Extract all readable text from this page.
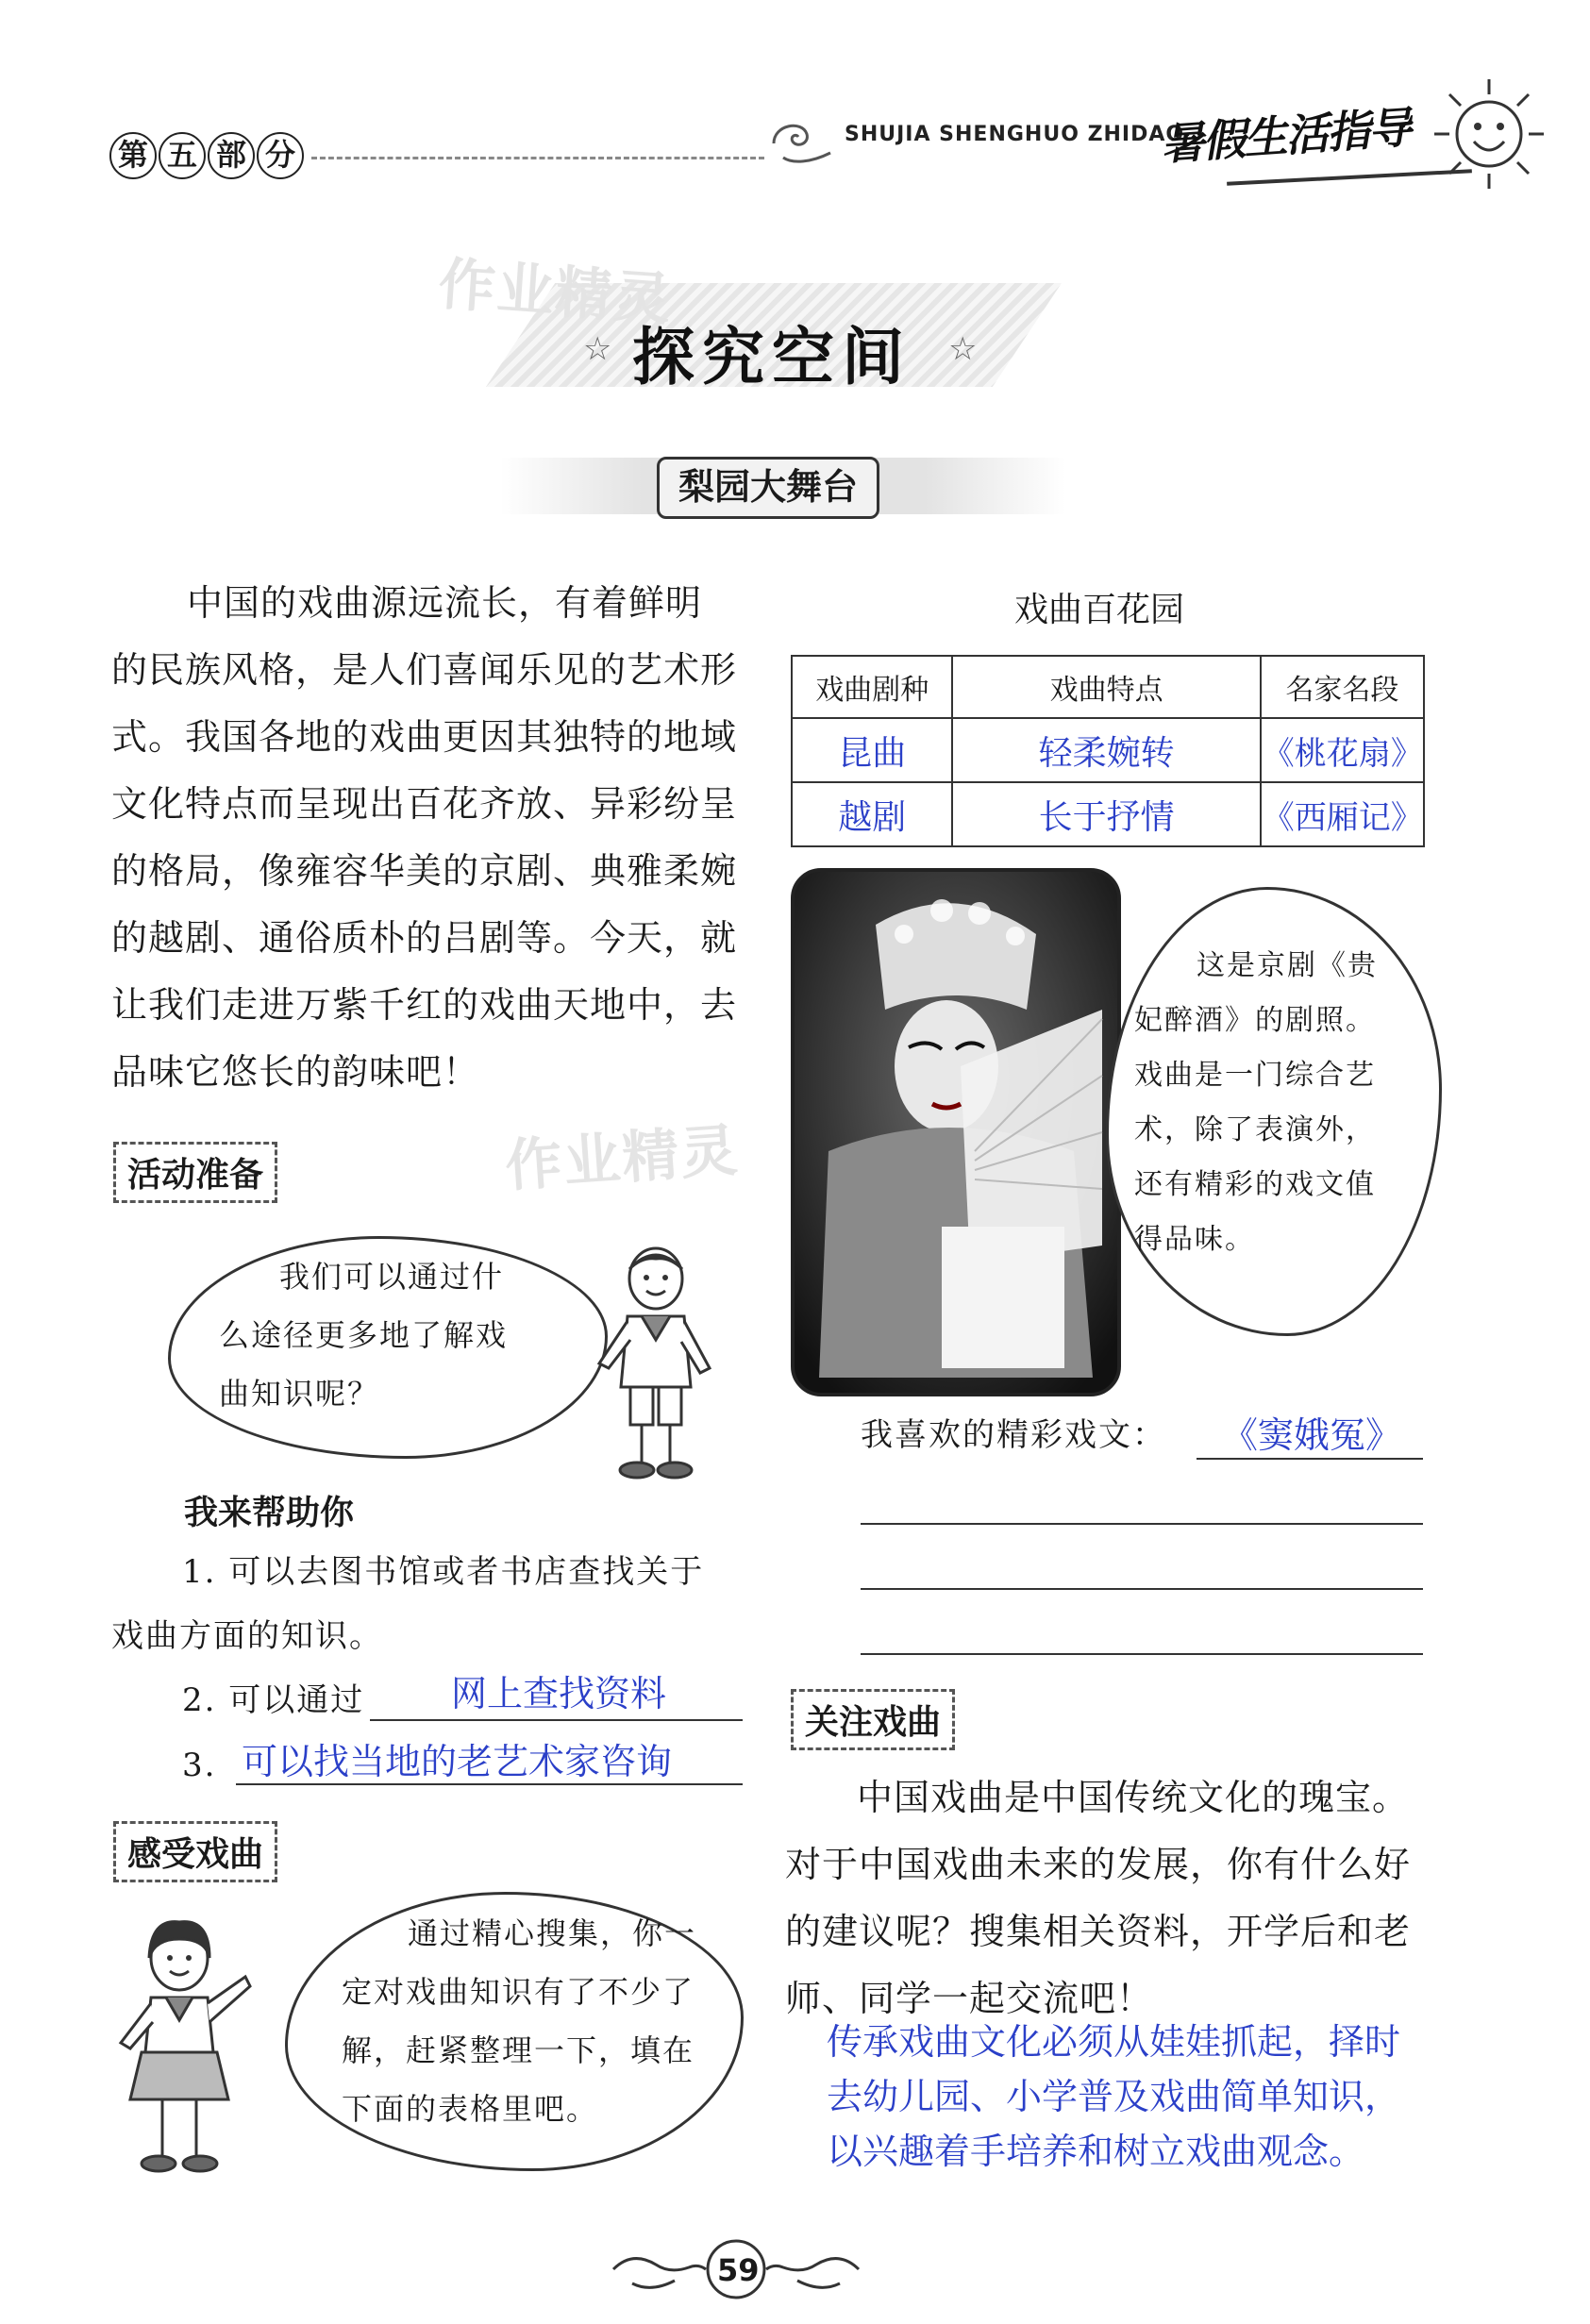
第 五 部 分
SHUJIA SHENGHUO ZHIDAO
暑假生活指导
作业精灵
☆ 探究空间 ☆
梨园大舞台
中国的戏曲源远流长，有着鲜明
的民族风格，是人们喜闻乐见的艺术形
式。我国各地的戏曲更因其独特的地域
文化特点而呈现出百花齐放、异彩纷呈
的格局，像雍容华美的京剧、典雅柔婉
的越剧、通俗质朴的吕剧等。今天，就
让我们走进万紫千红的戏曲天地中，去
品味它悠长的韵味吧！
活动准备	作业精灵
我们可以通过什
么途径更多地了解戏
曲知识呢？
我来帮助你
1. 可以去图书馆或者书店查找关于
戏曲方面的知识。
2. 可以通过 网上查找资料
3. 可以找当地的老艺术家咨询
感受戏曲
通过精心搜集，你一
定对戏曲知识有了不少了
解，赶紧整理一下，填在
下面的表格里吧。
戏曲百花园
戏曲剧种	戏曲特点	名家名段
昆曲	轻柔婉转	《桃花扇》
越剧	长于抒情	《西厢记》
这是京剧《贵
妃醉酒》的剧照。
戏曲是一门综合艺
术，除了表演外，
还有精彩的戏文值
得品味。
我喜欢的精彩戏文： 《窦娥冤》
关注戏曲
中国戏曲是中国传统文化的瑰宝。
对于中国戏曲未来的发展，你有什么好
的建议呢？搜集相关资料，开学后和老
师、同学一起交流吧！
传承戏曲文化必须从娃娃抓起，择时
去幼儿园、小学普及戏曲简单知识，
以兴趣着手培养和树立戏曲观念。
59
